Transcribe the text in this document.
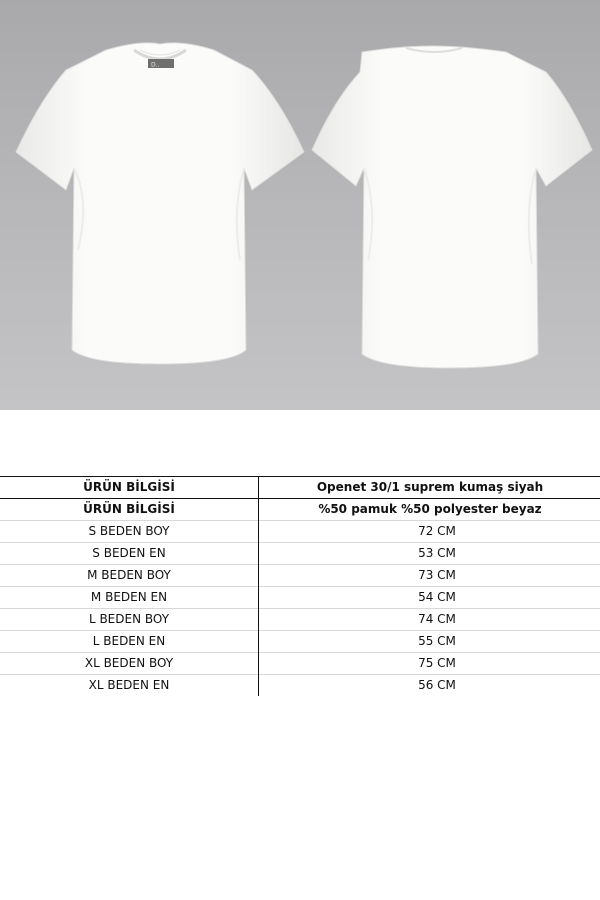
D..
ÜRÜN BİLGİSİ	Openet 30/1 suprem kumaş siyah
ÜRÜN BİLGİSİ	%50 pamuk %50 polyester beyaz
S BEDEN BOY	72 CM
S BEDEN EN	53 CM
M BEDEN BOY	73 CM
M BEDEN EN	54 CM
L BEDEN BOY	74 CM
L BEDEN EN	55 CM
XL BEDEN BOY	75 CM
XL BEDEN EN	56 CM
